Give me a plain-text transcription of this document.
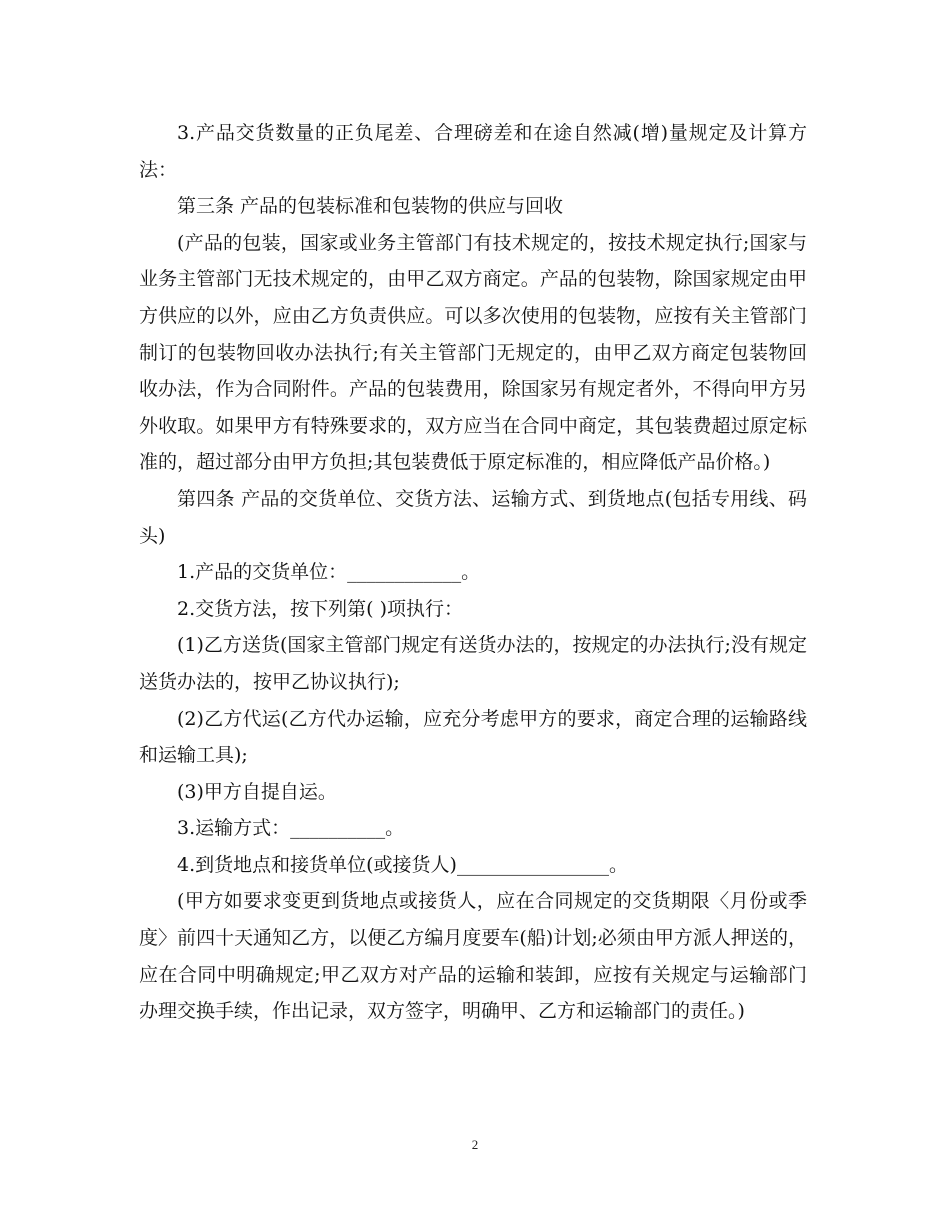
3.产品交货数量的正负尾差、合理磅差和在途自然减(增)量规定及计算方法：

第三条 产品的包装标准和包装物的供应与回收

(产品的包装，国家或业务主管部门有技术规定的，按技术规定执行;国家与业务主管部门无技术规定的，由甲乙双方商定。产品的包装物，除国家规定由甲方供应的以外，应由乙方负责供应。可以多次使用的包装物，应按有关主管部门制订的包装物回收办法执行;有关主管部门无规定的，由甲乙双方商定包装物回收办法，作为合同附件。产品的包装费用，除国家另有规定者外，不得向甲方另外收取。如果甲方有特殊要求的，双方应当在合同中商定，其包装费超过原定标准的，超过部分由甲方负担;其包装费低于原定标准的，相应降低产品价格。)

第四条 产品的交货单位、交货方法、运输方式、到货地点(包括专用线、码头)

1.产品的交货单位：____________。

2.交货方法，按下列第( )项执行：

(1)乙方送货(国家主管部门规定有送货办法的，按规定的办法执行;没有规定送货办法的，按甲乙协议执行);

(2)乙方代运(乙方代办运输，应充分考虑甲方的要求，商定合理的运输路线和运输工具);

(3)甲方自提自运。

3.运输方式：__________。

4.到货地点和接货单位(或接货人)________________。

(甲方如要求变更到货地点或接货人，应在合同规定的交货期限〈月份或季度〉前四十天通知乙方，以便乙方编月度要车(船)计划;必须由甲方派人押送的，应在合同中明确规定;甲乙双方对产品的运输和装卸，应按有关规定与运输部门办理交换手续，作出记录，双方签字，明确甲、乙方和运输部门的责任。)

2
